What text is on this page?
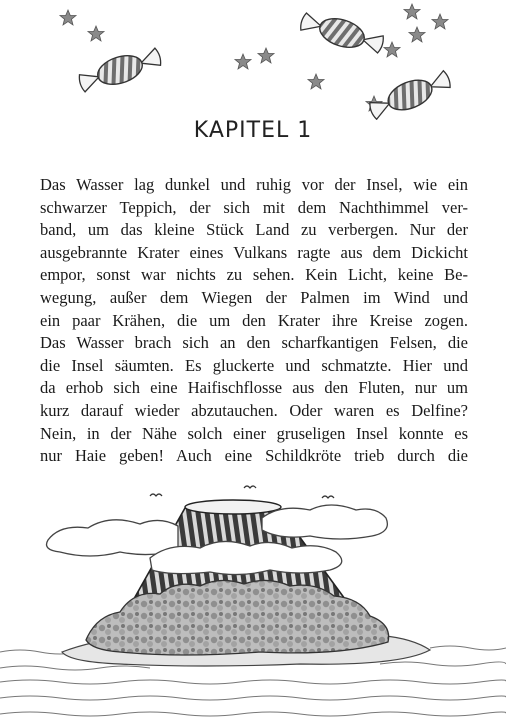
KAPITEL 1
Das Wasser lag dunkel und ruhig vor der Insel, wie ein
schwarzer Teppich, der sich mit dem Nachthimmel ver-
band, um das kleine Stück Land zu verbergen. Nur der
ausgebrannte Krater eines Vulkans ragte aus dem Dickicht
empor, sonst war nichts zu sehen. Kein Licht, keine Be-
wegung, außer dem Wiegen der Palmen im Wind und
ein paar Krähen, die um den Krater ihre Kreise zogen.
Das Wasser brach sich an den scharfkantigen Felsen, die
die Insel säumten. Es gluckerte und schmatzte. Hier und
da erhob sich eine Haifischflosse aus den Fluten, nur um
kurz darauf wieder abzutauchen. Oder waren es Delfine?
Nein, in der Nähe solch einer gruseligen Insel konnte es
nur Haie geben! Auch eine Schildkröte trieb durch die
